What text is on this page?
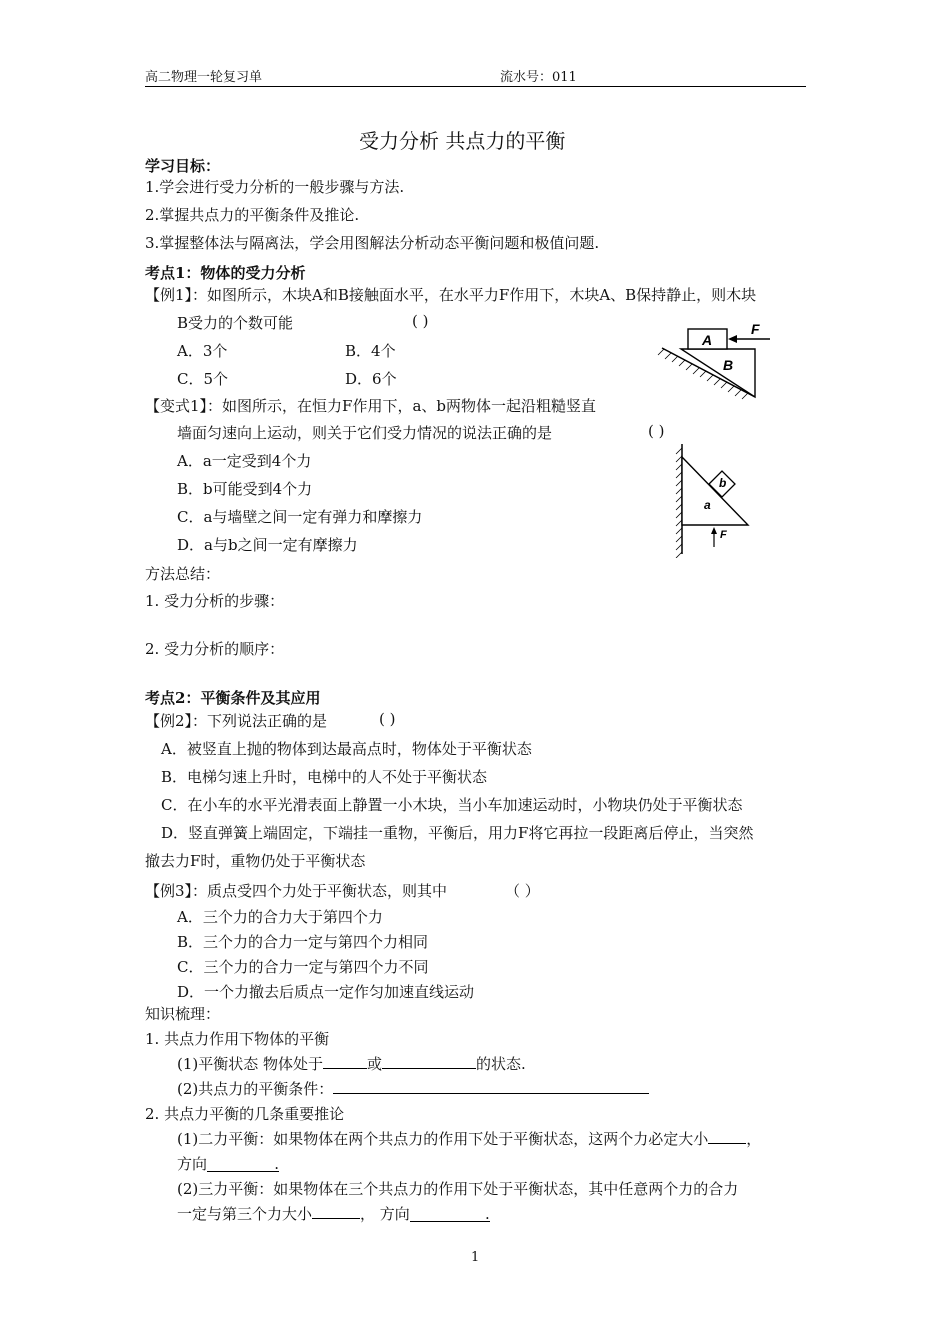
高二物理一轮复习单	流水号：011
受力分析 共点力的平衡
学习目标：
1.学会进行受力分析的一般步骤与方法.
2.掌握共点力的平衡条件及推论.
3.掌握整体法与隔离法，学会用图解法分析动态平衡问题和极值问题.
考点1：物体的受力分析
【例1】：如图所示，木块A和B接触面水平，在水平力F作用下，木块A、B保持静止，则木块
B受力的个数可能	( )
A．3个	B．4个
C．5个	D．6个
A
B
F
【变式1】：如图所示，在恒力F作用下，a、b两物体一起沿粗糙竖直
墙面匀速向上运动，则关于它们受力情况的说法正确的是	( )
A．a一定受到4个力
B．b可能受到4个力
C．a与墙壁之间一定有弹力和摩擦力
D．a与b之间一定有摩擦力
b
a
F
方法总结：
1. 受力分析的步骤：
2. 受力分析的顺序：
考点2：平衡条件及其应用
【例2】：下列说法正确的是	( )
A．被竖直上抛的物体到达最高点时，物体处于平衡状态
B．电梯匀速上升时，电梯中的人不处于平衡状态
C．在小车的水平光滑表面上静置一小木块，当小车加速运动时，小物块仍处于平衡状态
D．竖直弹簧上端固定，下端挂一重物，平衡后，用力F将它再拉一段距离后停止，当突然
撤去力F时，重物仍处于平衡状态
【例3】：质点受四个力处于平衡状态，则其中	（ ）
A．三个力的合力大于第四个力
B．三个力的合力一定与第四个力相同
C．三个力的合力一定与第四个力不同
D．一个力撤去后质点一定作匀加速直线运动
知识梳理：
1. 共点力作用下物体的平衡
(1)平衡状态 物体处于	或	的状态.
(2)共点力的平衡条件：
2. 共点力平衡的几条重要推论
(1)二力平衡：如果物体在两个共点力的作用下处于平衡状态，这两个力必定大小	，
方向	.
(2)三力平衡：如果物体在三个共点力的作用下处于平衡状态，其中任意两个力的合力
一定与第三个力大小	， 方向	.
1
